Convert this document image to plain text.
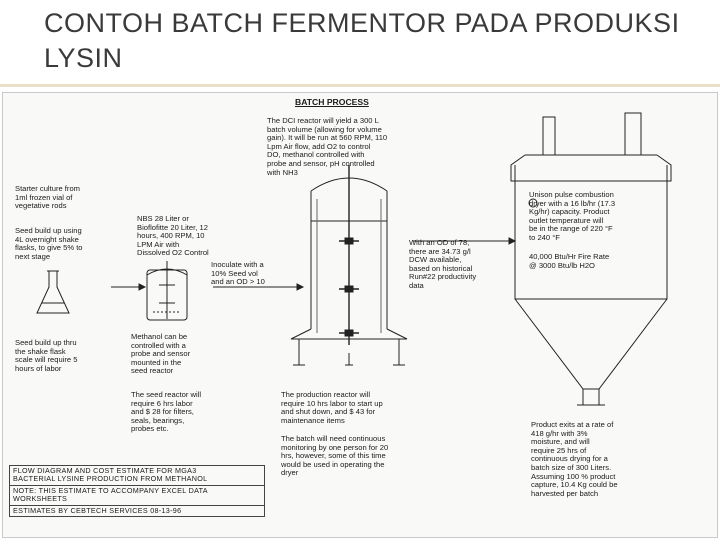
CONTOH BATCH FERMENTOR PADA PRODUKSI LYSIN
BATCH PROCESS
The DCI reactor will yield a 300 L
batch volume (allowing for volume
gain). It will be run at 560 RPM, 110
Lpm Air flow, add O2 to control
DO, methanol controlled with
probe and sensor, pH controlled
with NH3
Starter culture from
1ml frozen vial of
vegetative rods
Seed build up using
4L overnight shake
flasks, to give 5% to
next stage
NBS 28 Liter or
Bioflofitte 20 Liter, 12
hours, 400 RPM, 10
LPM Air with
Dissolved O2 Control
Inoculate with a
10% Seed vol
and an OD > 10
With an OD of 78,
there are 34.73 g/l
DCW available,
based on historical
Run#22 productivity
data
Seed build up thru
the shake flask
scale will require 5
hours of labor
Methanol can be
controlled with a
probe and sensor
mounted in the
seed reactor
The seed reactor will
require 6 hrs labor
and $ 28 for filters,
seals, bearings,
probes etc.
The production reactor will
require 10 hrs labor to start up
and shut down, and $ 43 for
maintenance items
The batch will need continuous
monitoring by one person for 20
hrs, however, some of this time
would be used in operating the
dryer
Unison pulse combustion
dryer with a 16 lb/hr (17.3
Kg/hr) capacity. Product
outlet temperature will
be in the range of 220 °F
to 240 °F
40,000 Btu/Hr Fire Rate
@ 3000 Btu/lb H2O
Product exits at a rate of
418 g/hr with 3%
moisture, and will
require 25 hrs of
continuous drying for a
batch size of 300 Liters.
Assuming 100 % product
capture, 10.4 Kg could be
harvested per batch
FLOW DIAGRAM AND COST ESTIMATE FOR MGA3
BACTERIAL LYSINE PRODUCTION FROM METHANOL
NOTE: THIS ESTIMATE TO ACCOMPANY EXCEL DATA
WORKSHEETS
ESTIMATES BY CEBTECH SERVICES 08-13-96
